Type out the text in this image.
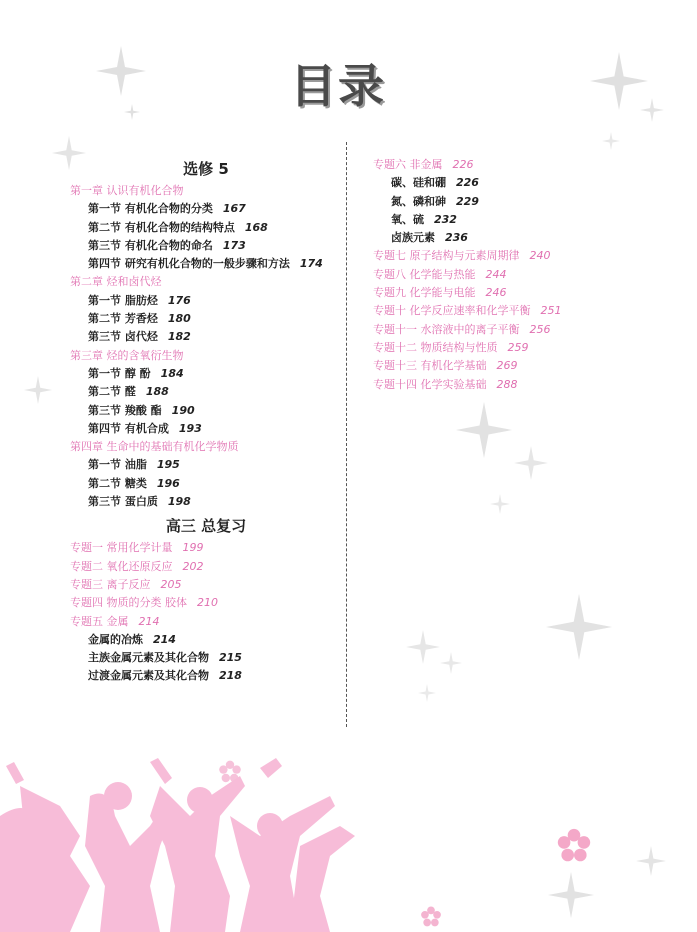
目录
选修 5
第一章 认识有机化合物
第一节 有机化合物的分类 167
第二节 有机化合物的结构特点 168
第三节 有机化合物的命名 173
第四节 研究有机化合物的一般步骤和方法 174
第二章 烃和卤代烃
第一节 脂肪烃 176
第二节 芳香烃 180
第三节 卤代烃 182
第三章 烃的含氧衍生物
第一节 醇 酚 184
第二节 醛 188
第三节 羧酸 酯 190
第四节 有机合成 193
第四章 生命中的基础有机化学物质
第一节 油脂 195
第二节 糖类 196
第三节 蛋白质 198
高三 总复习
专题一 常用化学计量 199
专题二 氧化还原反应 202
专题三 离子反应 205
专题四 物质的分类 胶体 210
专题五 金属 214
金属的冶炼 214
主族金属元素及其化合物 215
过渡金属元素及其化合物 218
专题六 非金属 226
碳、硅和硼 226
氮、磷和砷 229
氧、硫 232
卤族元素 236
专题七 原子结构与元素周期律 240
专题八 化学能与热能 244
专题九 化学能与电能 246
专题十 化学反应速率和化学平衡 251
专题十一 水溶液中的离子平衡 256
专题十二 物质结构与性质 259
专题十三 有机化学基础 269
专题十四 化学实验基础 288
